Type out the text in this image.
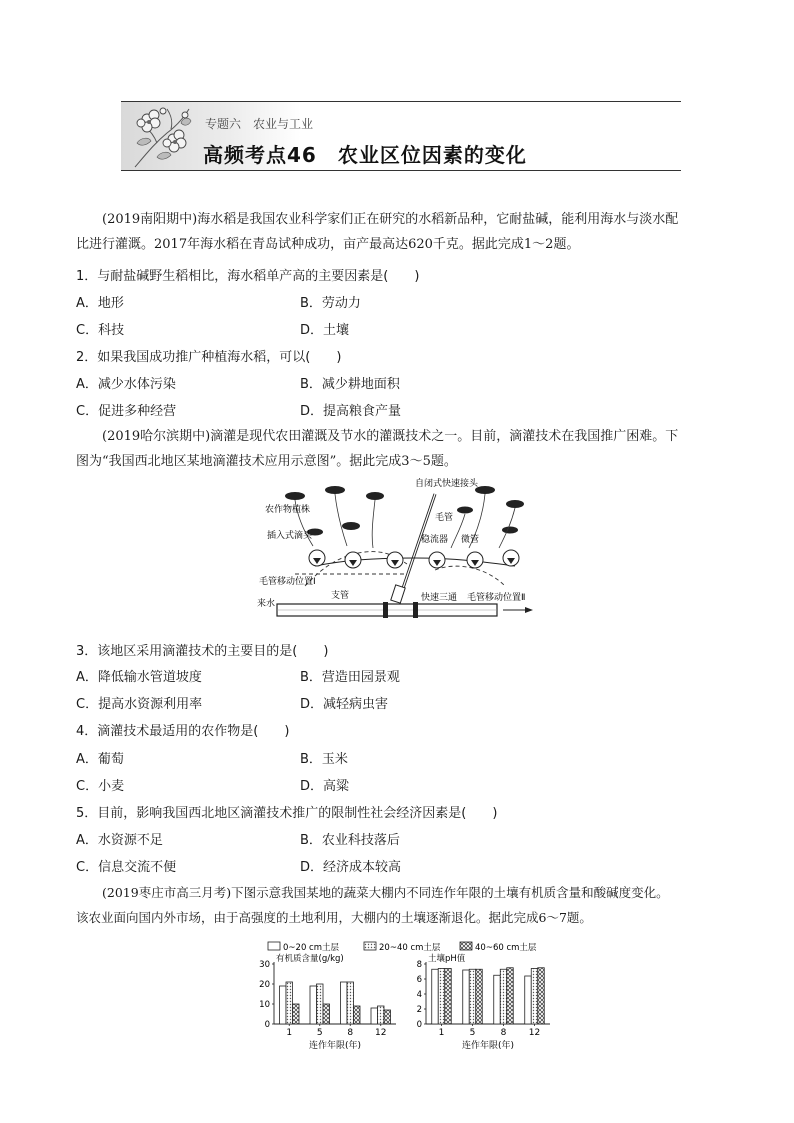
专题六　农业与工业
高频考点46　农业区位因素的变化
(2019南阳期中)海水稻是我国农业科学家们正在研究的水稻新品种，它耐盐碱，能利用海水与淡水配
比进行灌溉。2017年海水稻在青岛试种成功，亩产最高达620千克。据此完成1～2题。
1．与耐盐碱野生稻相比，海水稻单产高的主要因素是(　　)
A．地形	B．劳动力
C．科技	D．土壤
2．如果我国成功推广种植海水稻，可以(　　)
A．减少水体污染	B．减少耕地面积
C．促进多种经营	D．提高粮食产量
(2019哈尔滨期中)滴灌是现代农田灌溉及节水的灌溉技术之一。目前，滴灌技术在我国推广困难。下
图为“我国西北地区某地滴灌技术应用示意图”。据此完成3～5题。
自闭式快速接头
农作物植株
毛管
插入式滴头	稳流器 微管
毛管移动位置Ⅰ
毛管移动位置Ⅱ
支管
来水
快速三通
3．该地区采用滴灌技术的主要目的是(　　)
A．降低输水管道坡度	B．营造田园景观
C．提高水资源利用率	D．减轻病虫害
4．滴灌技术最适用的农作物是(　　)
A．葡萄	B．玉米
C．小麦	D．高粱
5．目前，影响我国西北地区滴灌技术推广的限制性社会经济因素是(　　)
A．水资源不足	B．农业科技落后
C．信息交流不便	D．经济成本较高
(2019枣庄市高三月考)下图示意我国某地的蔬菜大棚内不同连作年限的土壤有机质含量和酸碱度变化。
该农业面向国内外市场，由于高强度的土地利用，大棚内的土壤逐渐退化。据此完成6～7题。
0~20 cm土层	20~40 cm土层	40~60 cm土层
0
10
20
30
有机质含量(g/kg)
1	5	8 12
连作年限(年)
0
2
4
6
8
土壤pH值
1	5	8 12
连作年限(年)
